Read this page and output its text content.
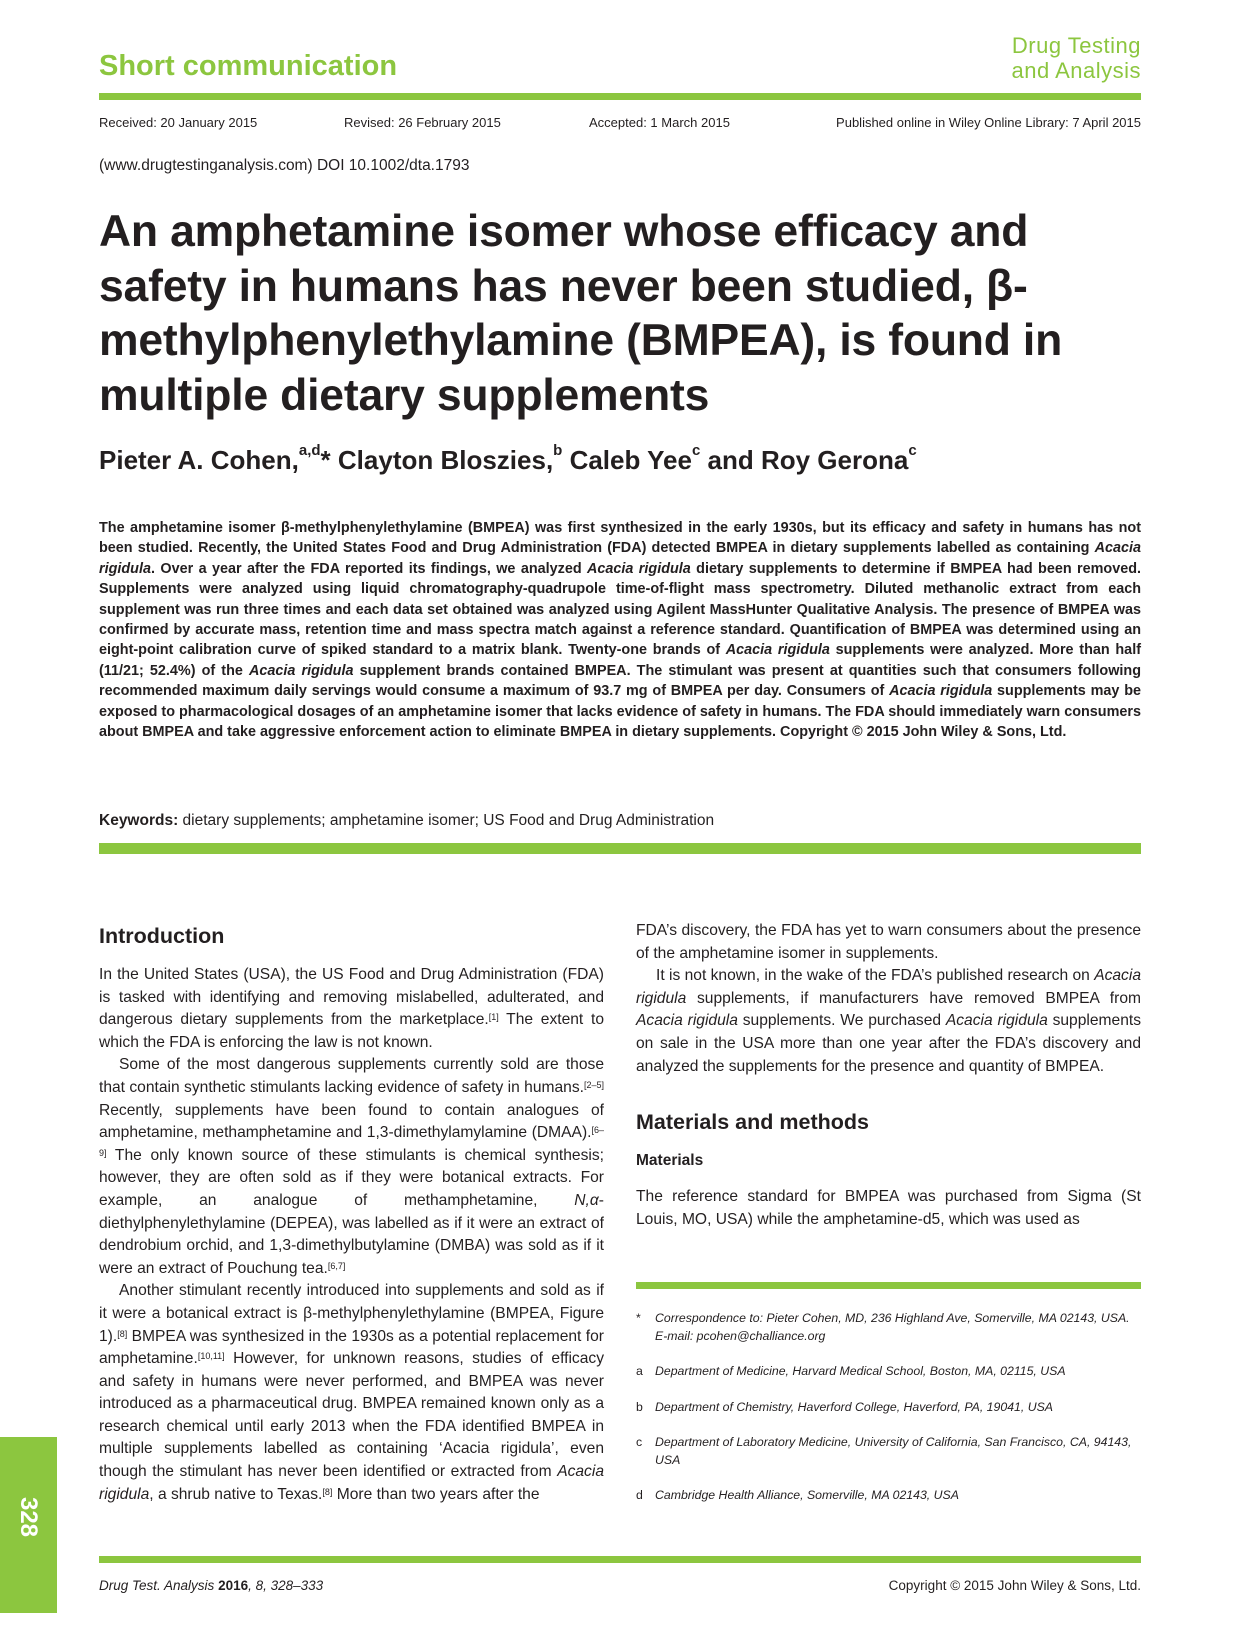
Short communication
Drug Testing
and Analysis
Received: 20 January 2015	Revised: 26 February 2015	Accepted: 1 March 2015	Published online in Wiley Online Library: 7 April 2015
(www.drugtestinganalysis.com) DOI 10.1002/dta.1793
An amphetamine isomer whose efficacy and
safety in humans has never been studied, β-
methylphenylethylamine (BMPEA), is found in
multiple dietary supplements
Pieter A. Cohen,$^{a,d}$* Clayton Bloszies,$^b$ Caleb Yee$^c$ and Roy Gerona$^c$
The amphetamine isomer β-methylphenylethylamine (BMPEA) was first synthesized in the early 1930s, but its efficacy and safety in humans has not been studied. Recently, the United States Food and Drug Administration (FDA) detected BMPEA in dietary supplements labelled as containing Acacia rigidula. Over a year after the FDA reported its findings, we analyzed Acacia rigidula dietary supplements to determine if BMPEA had been removed. Supplements were analyzed using liquid chromatography-quadrupole time-of-flight mass spectrometry. Diluted methanolic extract from each supplement was run three times and each data set obtained was analyzed using Agilent MassHunter Qualitative Analysis. The presence of BMPEA was confirmed by accurate mass, retention time and mass spectra match against a reference standard. Quantification of BMPEA was determined using an eight-point calibration curve of spiked standard to a matrix blank. Twenty-one brands of Acacia rigidula supplements were analyzed. More than half (11/21; 52.4%) of the Acacia rigidula supplement brands contained BMPEA. The stimulant was present at quantities such that consumers following recommended maximum daily servings would consume a maximum of 93.7 mg of BMPEA per day. Consumers of Acacia rigidula supplements may be exposed to pharmacological dosages of an amphetamine isomer that lacks evidence of safety in humans. The FDA should immediately warn consumers about BMPEA and take aggressive enforcement action to eliminate BMPEA in dietary supplements. Copyright © 2015 John Wiley & Sons, Ltd.
Keywords: dietary supplements; amphetamine isomer; US Food and Drug Administration
Introduction

In the United States (USA), the US Food and Drug Administration (FDA) is tasked with identifying and removing mislabelled, adulterated, and dangerous dietary supplements from the marketplace.[1] The extent to which the FDA is enforcing the law is not known.

Some of the most dangerous supplements currently sold are those that contain synthetic stimulants lacking evidence of safety in humans.[2–5] Recently, supplements have been found to contain analogues of amphetamine, methamphetamine and 1,3-dimethylamylamine (DMAA).[6–9] The only known source of these stimulants is chemical synthesis; however, they are often sold as if they were botanical extracts. For example, an analogue of methamphetamine, N,α-diethylphenylethylamine (DEPEA), was labelled as if it were an extract of dendrobium orchid, and 1,3-dimethylbutylamine (DMBA) was sold as if it were an extract of Pouchung tea.[6,7]

Another stimulant recently introduced into supplements and sold as if it were a botanical extract is β-methylphenylethylamine (BMPEA, Figure 1).[8] BMPEA was synthesized in the 1930s as a potential replacement for amphetamine.[10,11] However, for unknown reasons, studies of efficacy and safety in humans were never performed, and BMPEA was never introduced as a pharmaceutical drug. BMPEA remained known only as a research chemical until early 2013 when the FDA identified BMPEA in multiple supplements labelled as containing ‘Acacia rigidula’, even though the stimulant has never been identified or extracted from Acacia rigidula, a shrub native to Texas.[8] More than two years after the

FDA’s discovery, the FDA has yet to warn consumers about the presence of the amphetamine isomer in supplements.

It is not known, in the wake of the FDA’s published research on Acacia rigidula supplements, if manufacturers have removed BMPEA from Acacia rigidula supplements. We purchased Acacia rigidula supplements on sale in the USA more than one year after the FDA’s discovery and analyzed the supplements for the presence and quantity of BMPEA.

Materials and methods
Materials

The reference standard for BMPEA was purchased from Sigma (St Louis, MO, USA) while the amphetamine-d5, which was used as

* Correspondence to: Pieter Cohen, MD, 236 Highland Ave, Somerville, MA 02143, USA.
E-mail: pcohen@challiance.org
a Department of Medicine, Harvard Medical School, Boston, MA, 02115, USA
b Department of Chemistry, Haverford College, Haverford, PA, 19041, USA
c Department of Laboratory Medicine, University of California, San Francisco, CA, 94143, USA
d Cambridge Health Alliance, Somerville, MA 02143, USA
328
Drug Test. Analysis 2016, 8, 328–333	Copyright © 2015 John Wiley & Sons, Ltd.
